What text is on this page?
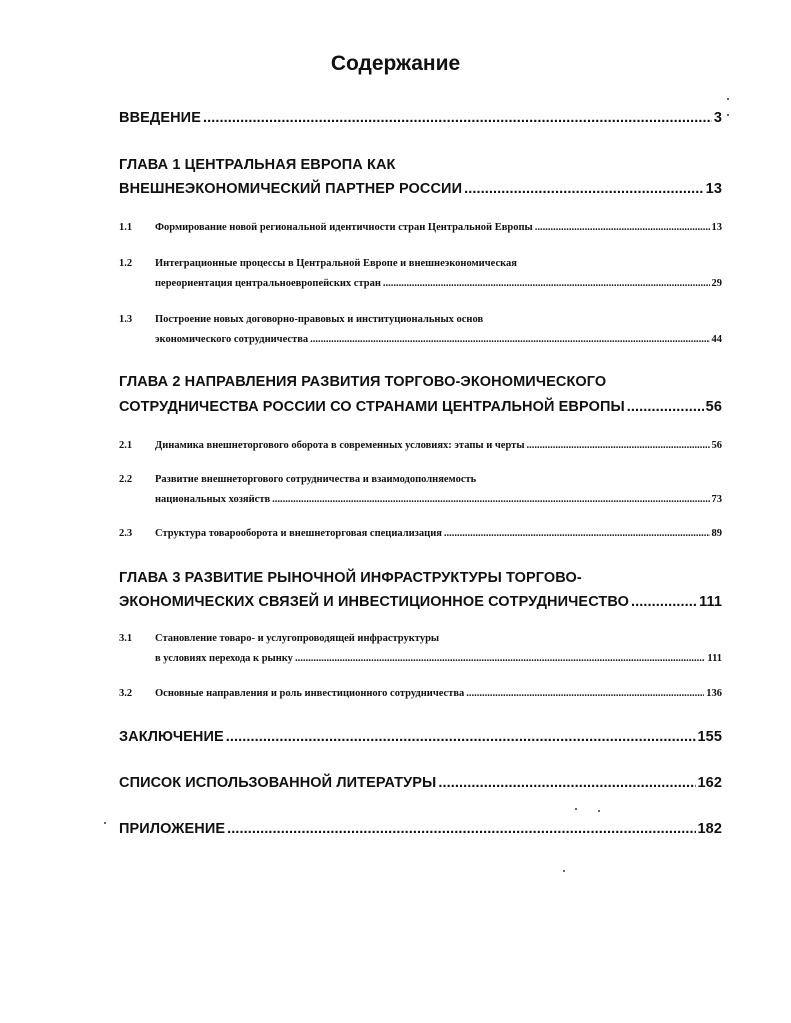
Содержание
ВВЕДЕНИЕ .....	3
ГЛАВА 1 ЦЕНТРАЛЬНАЯ ЕВРОПА КАК
ВНЕШНЕЭКОНОМИЧЕСКИЙ ПАРТНЕР РОССИИ .....	13
1.1 Формирование новой региональной идентичности стран Центральной Европы .....	13
1.2 Интеграционные процессы в Центральной Европе и внешнеэкономическая
переориентация центральноевропейских стран .....	29
1.3 Построение новых договорно-правовых и институциональных основ
экономического сотрудничества .....	44
ГЛАВА 2 НАПРАВЛЕНИЯ РАЗВИТИЯ ТОРГОВО-ЭКОНОМИЧЕСКОГО
СОТРУДНИЧЕСТВА РОССИИ СО СТРАНАМИ ЦЕНТРАЛЬНОЙ ЕВРОПЫ .....	56
2.1 Динамика внешнеторгового оборота в современных условиях: этапы и черты .....	56
2.2 Развитие внешнеторгового сотрудничества и взаимодополняемость
национальных хозяйств .....	73
2.3 Структура товарооборота и внешнеторговая специализация .....	89
ГЛАВА 3 РАЗВИТИЕ РЫНОЧНОЙ ИНФРАСТРУКТУРЫ ТОРГОВО-
ЭКОНОМИЧЕСКИХ СВЯЗЕЙ И ИНВЕСТИЦИОННОЕ СОТРУДНИЧЕСТВО .....	111
3.1 Становление товаро- и услугопроводящей инфраструктуры
в условиях перехода к рынку .....	111
3.2 Основные направления и роль инвестиционного сотрудничества .....	136
ЗАКЛЮЧЕНИЕ .....	155
СПИСОК ИСПОЛЬЗОВАННОЙ ЛИТЕРАТУРЫ .....	162
ПРИЛОЖЕНИЕ .....	182
